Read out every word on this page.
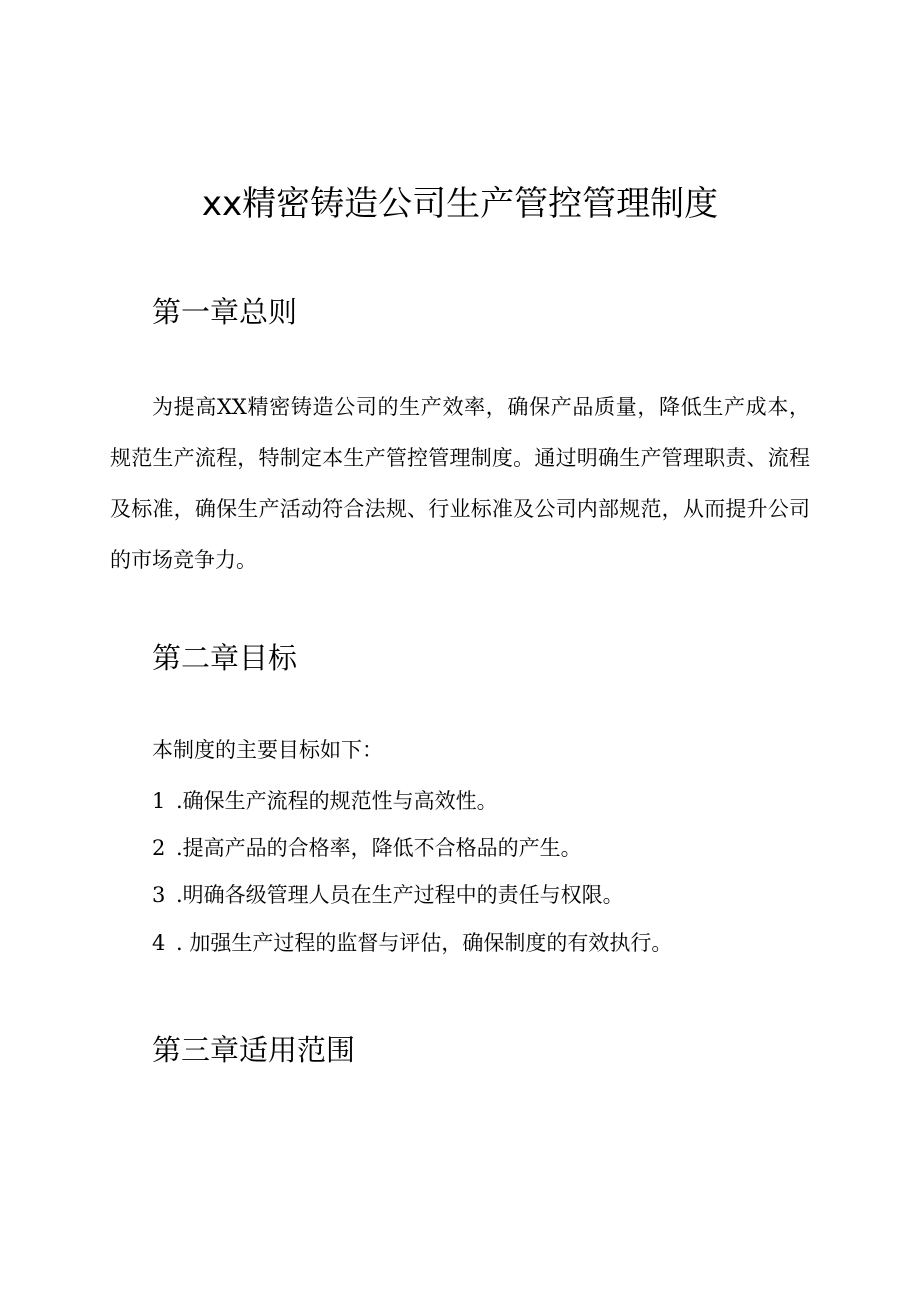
xx精密铸造公司生产管控管理制度
第一章总则
为提高XX精密铸造公司的生产效率，确保产品质量，降低生产成本，规范生产流程，特制定本生产管控管理制度。通过明确生产管理职责、流程及标准，确保生产活动符合法规、行业标准及公司内部规范，从而提升公司的市场竞争力。
第二章目标
本制度的主要目标如下：
1 .确保生产流程的规范性与高效性。
2 .提高产品的合格率，降低不合格品的产生。
3 .明确各级管理人员在生产过程中的责任与权限。
4 . 加强生产过程的监督与评估，确保制度的有效执行。
第三章适用范围
